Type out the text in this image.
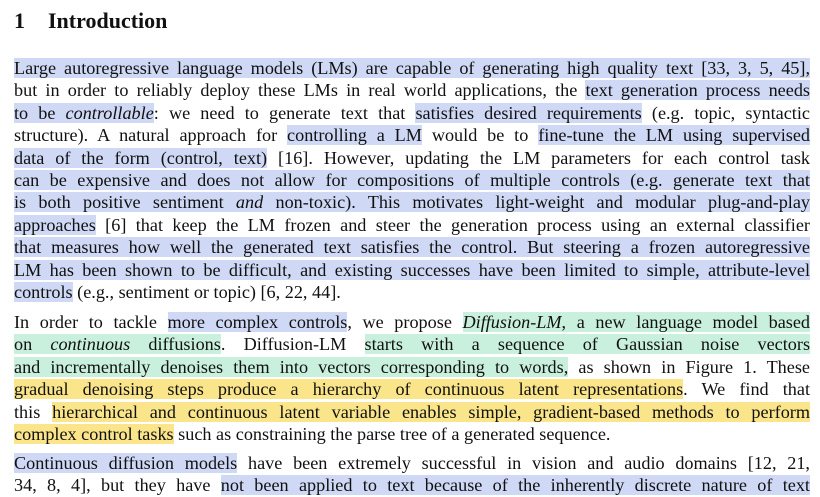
1 Introduction
Large autoregressive language models (LMs) are capable of generating high quality text [33, 3, 5, 45],
but in order to reliably deploy these LMs in real world applications, the text generation process needs
to be controllable: we need to generate text that satisfies desired requirements (e.g. topic, syntactic
structure). A natural approach for controlling a LM would be to fine-tune the LM using supervised
data of the form (control, text) [16]. However, updating the LM parameters for each control task
can be expensive and does not allow for compositions of multiple controls (e.g. generate text that
is both positive sentiment and non-toxic). This motivates light-weight and modular plug-and-play
approaches [6] that keep the LM frozen and steer the generation process using an external classifier
that measures how well the generated text satisfies the control. But steering a frozen autoregressive
LM has been shown to be difficult, and existing successes have been limited to simple, attribute-level
controls (e.g., sentiment or topic) [6, 22, 44].
In order to tackle more complex controls, we propose Diffusion-LM, a new language model based
on continuous diffusions. Diffusion-LM starts with a sequence of Gaussian noise vectors
and incrementally denoises them into vectors corresponding to words, as shown in Figure 1. These
gradual denoising steps produce a hierarchy of continuous latent representations. We find that
this hierarchical and continuous latent variable enables simple, gradient-based methods to perform
complex control tasks such as constraining the parse tree of a generated sequence.
Continuous diffusion models have been extremely successful in vision and audio domains [12, 21,
34, 8, 4], but they have not been applied to text because of the inherently discrete nature of text
